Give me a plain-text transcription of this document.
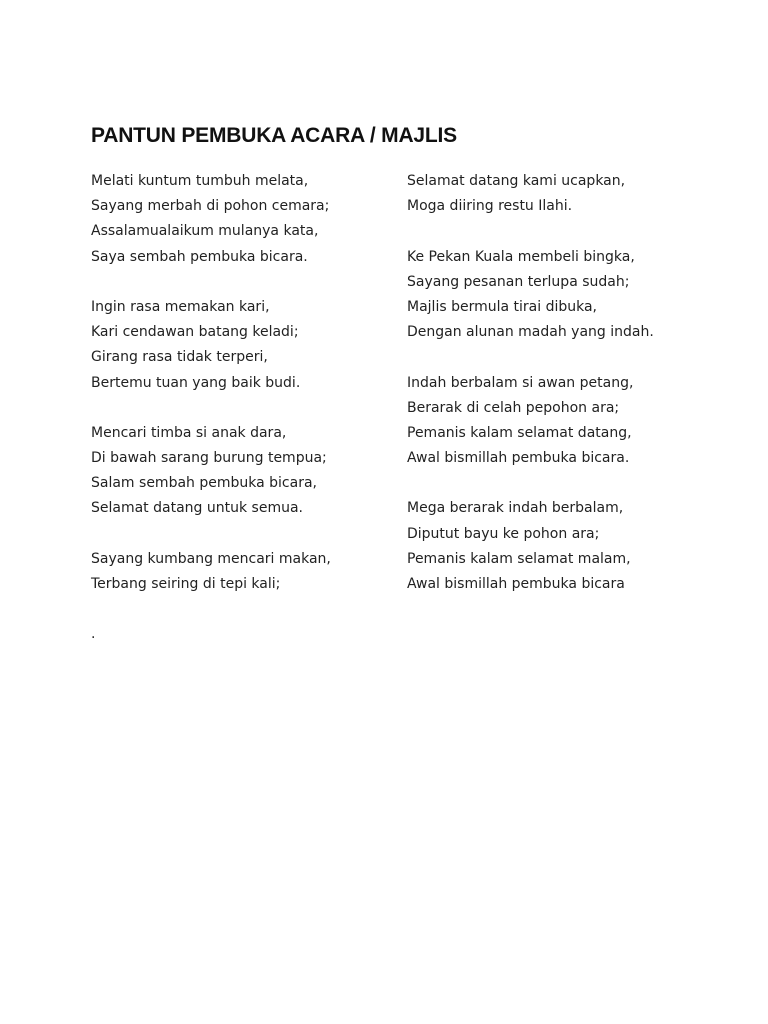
PANTUN PEMBUKA ACARA / MAJLIS
Melati kuntum tumbuh melata,
Sayang merbah di pohon cemara;
Assalamualaikum mulanya kata,
Saya sembah pembuka bicara.
Ingin rasa memakan kari,
Kari cendawan batang keladi;
Girang rasa tidak terperi,
Bertemu tuan yang baik budi.
Mencari timba si anak dara,
Di bawah sarang burung tempua;
Salam sembah pembuka bicara,
Selamat datang untuk semua.
Sayang kumbang mencari makan,
Terbang seiring di tepi kali;
Selamat datang kami ucapkan,
Moga diiring restu Ilahi.
Ke Pekan Kuala membeli bingka,
Sayang pesanan terlupa sudah;
Majlis bermula tirai dibuka,
Dengan alunan madah yang indah.
Indah berbalam si awan petang,
Berarak di celah pepohon ara;
Pemanis kalam selamat datang,
Awal bismillah pembuka bicara.
Mega berarak indah berbalam,
Diputut bayu ke pohon ara;
Pemanis kalam selamat malam,
Awal bismillah pembuka bicara
.
